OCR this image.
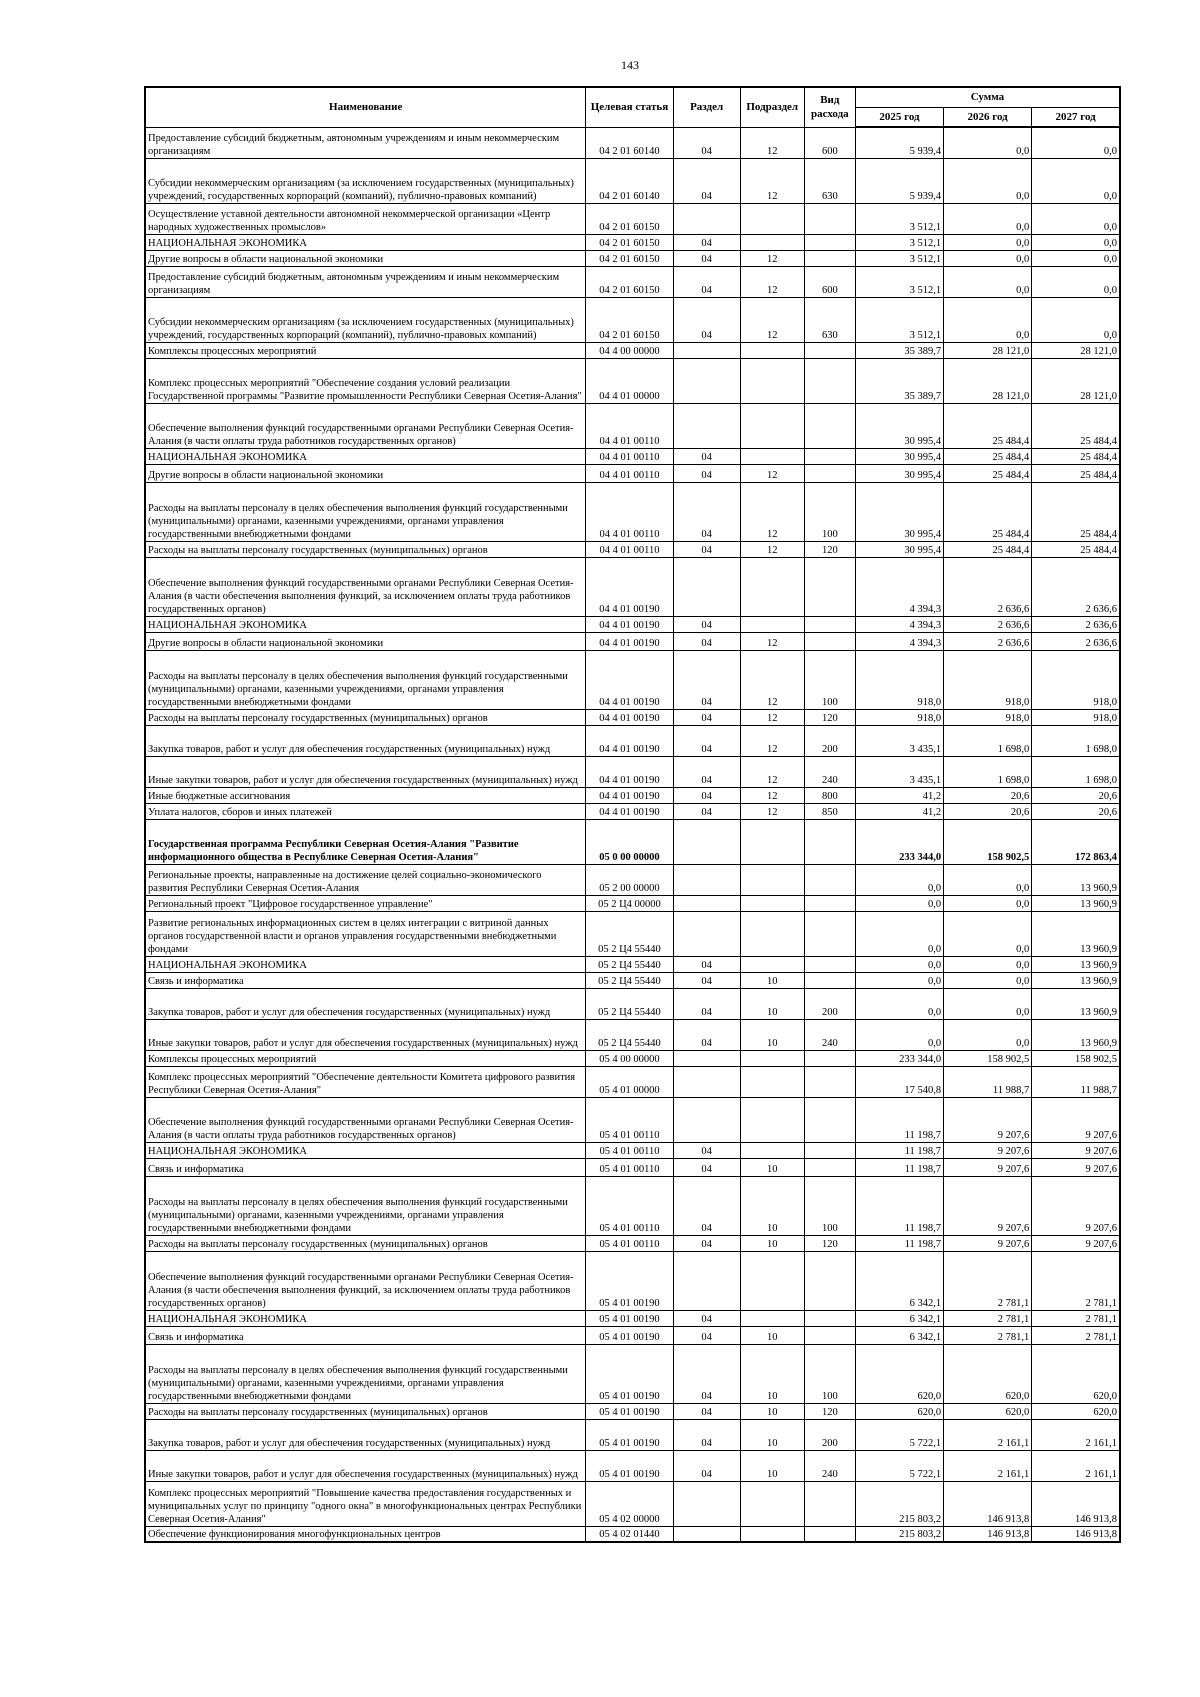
143
Наименование	Целевая статья	Раздел	Подраздел	Вид расхода	Сумма		
					2025 год	2026 год	2027 год
Предоставление субсидий бюджетным, автономным учреждениям и иным некоммерческим организациям	04 2 01 60140	04	12	600	5 939,4	0,0	0,0
Субсидии некоммерческим организациям (за исключением государственных (муниципальных) учреждений, государственных корпораций (компаний), публично-правовых компаний)	04 2 01 60140	04	12	630	5 939,4	0,0	0,0
Осуществление уставной деятельности автономной некоммерческой организации «Центр народных художественных промыслов»	04 2 01 60150				3 512,1	0,0	0,0
НАЦИОНАЛЬНАЯ ЭКОНОМИКА	04 2 01 60150	04			3 512,1	0,0	0,0
Другие вопросы в области национальной экономики	04 2 01 60150	04	12		3 512,1	0,0	0,0
Предоставление субсидий бюджетным, автономным учреждениям и иным некоммерческим организациям	04 2 01 60150	04	12	600	3 512,1	0,0	0,0
Субсидии некоммерческим организациям (за исключением государственных (муниципальных) учреждений, государственных корпораций (компаний), публично-правовых компаний)	04 2 01 60150	04	12	630	3 512,1	0,0	0,0
Комплексы процессных мероприятий	04 4 00 00000				35 389,7	28 121,0	28 121,0
Комплекс процессных мероприятий "Обеспечение создания условий реализации Государственной программы "Развитие промышленности Республики Северная Осетия-Алания"	04 4 01 00000				35 389,7	28 121,0	28 121,0
Обеспечение выполнения функций государственными органами Республики Северная Осетия-Алания (в части оплаты труда работников государственных органов)	04 4 01 00110				30 995,4	25 484,4	25 484,4
НАЦИОНАЛЬНАЯ ЭКОНОМИКА	04 4 01 00110	04			30 995,4	25 484,4	25 484,4
Другие вопросы в области национальной экономики	04 4 01 00110	04	12		30 995,4	25 484,4	25 484,4
Расходы на выплаты персоналу в целях обеспечения выполнения функций государственными (муниципальными) органами, казенными учреждениями, органами управления государственными внебюджетными фондами	04 4 01 00110	04	12	100	30 995,4	25 484,4	25 484,4
Расходы на выплаты персоналу государственных (муниципальных) органов	04 4 01 00110	04	12	120	30 995,4	25 484,4	25 484,4
Обеспечение выполнения функций государственными органами Республики Северная Осетия-Алания (в части обеспечения выполнения функций, за исключением оплаты труда работников государственных органов)	04 4 01 00190				4 394,3	2 636,6	2 636,6
НАЦИОНАЛЬНАЯ ЭКОНОМИКА	04 4 01 00190	04			4 394,3	2 636,6	2 636,6
Другие вопросы в области национальной экономики	04 4 01 00190	04	12		4 394,3	2 636,6	2 636,6
Расходы на выплаты персоналу в целях обеспечения выполнения функций государственными (муниципальными) органами, казенными учреждениями, органами управления государственными внебюджетными фондами	04 4 01 00190	04	12	100	918,0	918,0	918,0
Расходы на выплаты персоналу государственных (муниципальных) органов	04 4 01 00190	04	12	120	918,0	918,0	918,0
Закупка товаров, работ и услуг для обеспечения государственных (муниципальных) нужд	04 4 01 00190	04	12	200	3 435,1	1 698,0	1 698,0
Иные закупки товаров, работ и услуг для обеспечения государственных (муниципальных) нужд	04 4 01 00190	04	12	240	3 435,1	1 698,0	1 698,0
Иные бюджетные ассигнования	04 4 01 00190	04	12	800	41,2	20,6	20,6
Уплата налогов, сборов и иных платежей	04 4 01 00190	04	12	850	41,2	20,6	20,6
Государственная программа Республики Северная Осетия-Алания "Развитие информационного общества в Республике Северная Осетия-Алания"	05 0 00 00000				233 344,0	158 902,5	172 863,4
Региональные проекты, направленные на достижение целей социально-экономического развития Республики Северная Осетия-Алания	05 2 00 00000				0,0	0,0	13 960,9
Региональный проект "Цифровое государственное управление"	05 2 Ц4 00000				0,0	0,0	13 960,9
Развитие региональных информационных систем в целях интеграции с витриной данных органов государственной власти и органов управления государственными внебюджетными фондами	05 2 Ц4 55440				0,0	0,0	13 960,9
НАЦИОНАЛЬНАЯ ЭКОНОМИКА	05 2 Ц4 55440	04			0,0	0,0	13 960,9
Связь и информатика	05 2 Ц4 55440	04	10		0,0	0,0	13 960,9
Закупка товаров, работ и услуг для обеспечения государственных (муниципальных) нужд	05 2 Ц4 55440	04	10	200	0,0	0,0	13 960,9
Иные закупки товаров, работ и услуг для обеспечения государственных (муниципальных) нужд	05 2 Ц4 55440	04	10	240	0,0	0,0	13 960,9
Комплексы процессных мероприятий	05 4 00 00000				233 344,0	158 902,5	158 902,5
Комплекс процессных мероприятий "Обеспечение деятельности Комитета цифрового развития Республики Северная Осетия-Алания"	05 4 01 00000				17 540,8	11 988,7	11 988,7
Обеспечение выполнения функций государственными органами Республики Северная Осетия-Алания (в части оплаты труда работников государственных органов)	05 4 01 00110				11 198,7	9 207,6	9 207,6
НАЦИОНАЛЬНАЯ ЭКОНОМИКА	05 4 01 00110	04			11 198,7	9 207,6	9 207,6
Связь и информатика	05 4 01 00110	04	10		11 198,7	9 207,6	9 207,6
Расходы на выплаты персоналу в целях обеспечения выполнения функций государственными (муниципальными) органами, казенными учреждениями, органами управления государственными внебюджетными фондами	05 4 01 00110	04	10	100	11 198,7	9 207,6	9 207,6
Расходы на выплаты персоналу государственных (муниципальных) органов	05 4 01 00110	04	10	120	11 198,7	9 207,6	9 207,6
Обеспечение выполнения функций государственными органами Республики Северная Осетия-Алания (в части обеспечения выполнения функций, за исключением оплаты труда работников государственных органов)	05 4 01 00190				6 342,1	2 781,1	2 781,1
НАЦИОНАЛЬНАЯ ЭКОНОМИКА	05 4 01 00190	04			6 342,1	2 781,1	2 781,1
Связь и информатика	05 4 01 00190	04	10		6 342,1	2 781,1	2 781,1
Расходы на выплаты персоналу в целях обеспечения выполнения функций государственными (муниципальными) органами, казенными учреждениями, органами управления государственными внебюджетными фондами	05 4 01 00190	04	10	100	620,0	620,0	620,0
Расходы на выплаты персоналу государственных (муниципальных) органов	05 4 01 00190	04	10	120	620,0	620,0	620,0
Закупка товаров, работ и услуг для обеспечения государственных (муниципальных) нужд	05 4 01 00190	04	10	200	5 722,1	2 161,1	2 161,1
Иные закупки товаров, работ и услуг для обеспечения государственных (муниципальных) нужд	05 4 01 00190	04	10	240	5 722,1	2 161,1	2 161,1
Комплекс процессных мероприятий "Повышение качества предоставления государственных и муниципальных услуг по принципу "одного окна" в многофункциональных центрах Республики Северная Осетия-Алания"	05 4 02 00000				215 803,2	146 913,8	146 913,8
Обеспечение функционирования многофункциональных центров	05 4 02 01440				215 803,2	146 913,8	146 913,8
